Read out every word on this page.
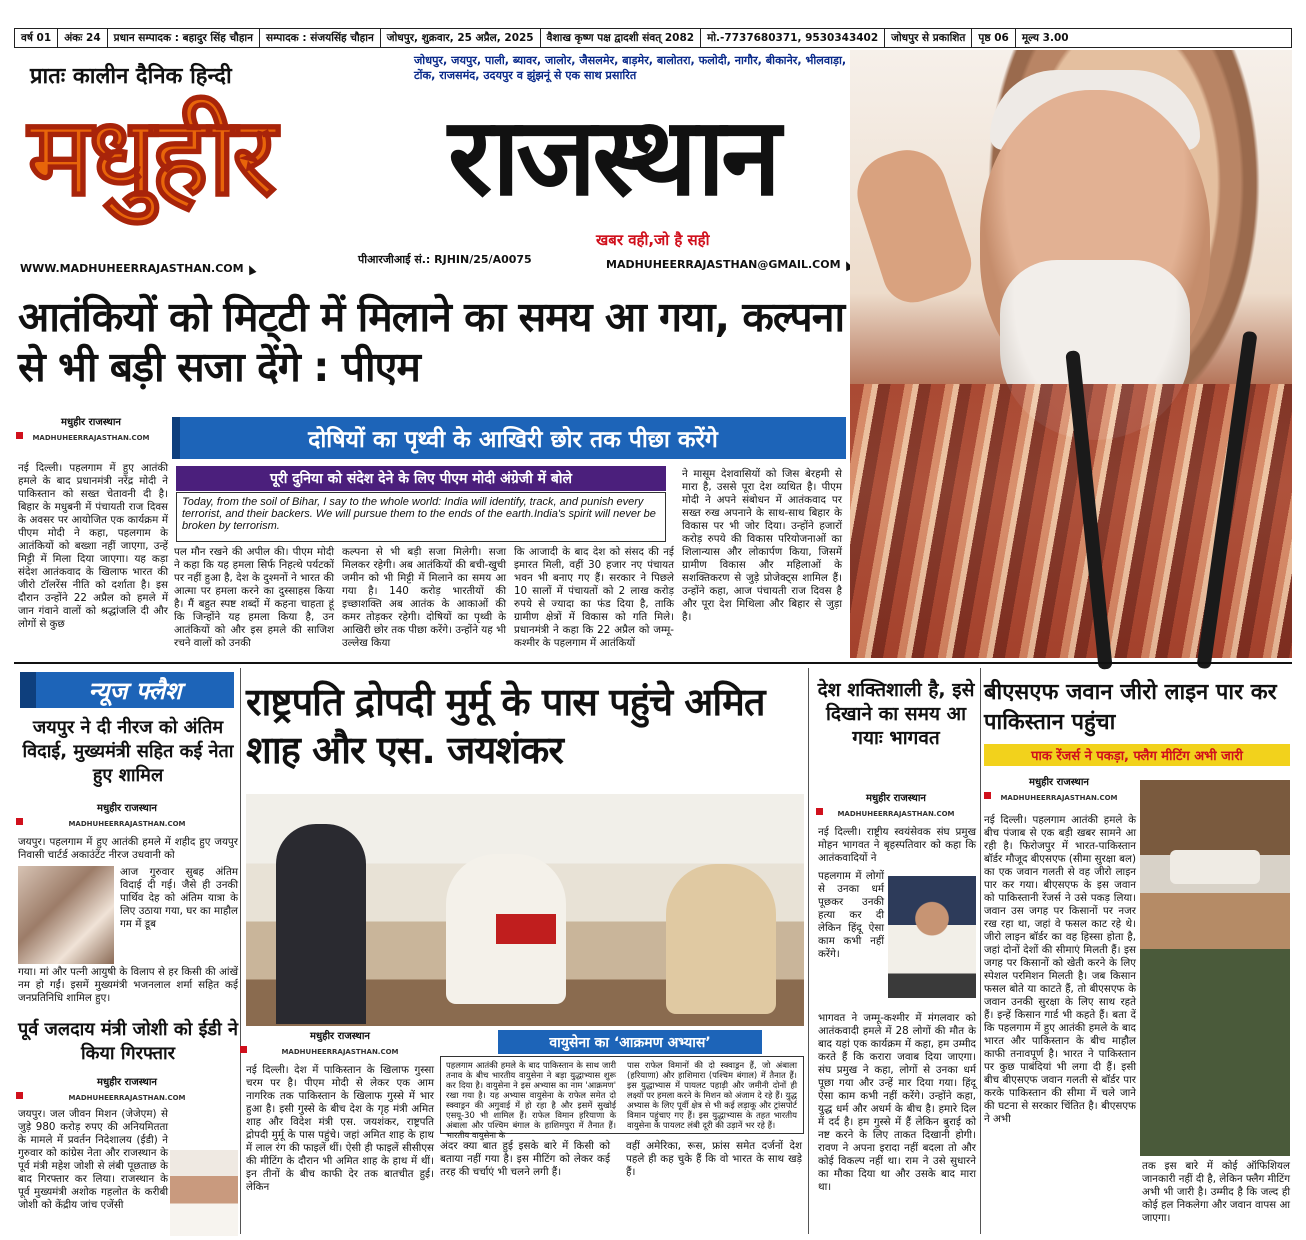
वर्ष 01	अंकः 24	प्रधान सम्पादक : बहादुर सिंह चौहान	सम्पादक : संजयसिंह चौहान	जोधपुर, शुक्रवार, 25 अप्रैल, 2025	वैशाख कृष्ण पक्ष द्वादशी संवत् 2082	मो.-7737680371, 9530343402	जोधपुर से प्रकाशित	पृष्ठ 06	मूल्य 3.00
प्रातः कालीन दैनिक हिन्दी
जोधपुर, जयपुर, पाली, ब्यावर, जालोर, जैसलमेर, बाड़मेर, बालोतरा, फलोदी, नागौर, बीकानेर, भीलवाड़ा, टोंक, राजसमंद, उदयपुर व झुंझनूं से एक साथ प्रसारित
मधुहीर राजस्थान
खबर वही,जो है सही
WWW.MADHUHEERRAJASTHAN.COM
पीआरजीआई सं.: RJHIN/25/A0075	MADHUHEERRAJASTHAN@GMAIL.COM
आतंकियों को मिट्‌टी में मिलाने का समय आ गया, कल्पना से भी बड़ी सजा देंगे : पीएम
मधुहीर राजस्थान
MADHUHEERRAJASTHAN.COM	दोषियों का पृथ्वी के आखिरी छोर तक पीछा करेंगे
पूरी दुनिया को संदेश देने के लिए पीएम मोदी अंग्रेजी में बोले
Today, from the soil of Bihar, I say to the whole world: India will identify, track, and punish every terrorist, and their backers. We will pursue them to the ends of the earth.India's spirit will never be broken by terrorism.
नई दिल्ली। पहलगाम में हुए आतंकी हमले के बाद प्रधानमंत्री नरेंद्र मोदी ने पाकिस्तान को सख्त चेतावनी दी है। बिहार के मधुबनी में पंचायती राज दिवस के अवसर पर आयोजित एक कार्यक्रम में पीएम मोदी ने कहा, पहलगाम के आतंकियों को बख्शा नहीं जाएगा, उन्हें मिट्टी में मिला दिया जाएगा। यह कड़ा संदेश आतंकवाद के खिलाफ भारत की जीरो टॉलरेंस नीति को दर्शाता है। इस दौरान उन्होंने 22 अप्रैल को हमले में जान गंवाने वालों को श्रद्धांजलि दी और लोगों से कुछ
पल मौन रखने की अपील की। पीएम मोदी ने कहा कि यह हमला सिर्फ निहत्थे पर्यटकों पर नहीं हुआ है, देश के दुश्मनों ने भारत की आत्मा पर हमला करने का दुस्साहस किया है। मैं बहुत स्पष्ट शब्दों में कहना चाहता हूं कि जिन्होंने यह हमला किया है, उन आतंकियों को और इस हमले की साजिश रचने वालों को उनकी
कल्पना से भी बड़ी सजा मिलेगी। सजा मिलकर रहेगी। अब आतंकियों की बची-खुची जमीन को भी मिट्टी में मिलाने का समय आ गया है। 140 करोड़ भारतीयों की इच्छाशक्ति अब आतंक के आकाओं की कमर तोड़कर रहेगी। दोषियों का पृथ्वी के आखिरी छोर तक पीछा करेंगे। उन्होंने यह भी उल्लेख किया
कि आजादी के बाद देश को संसद की नई इमारत मिली, वहीं 30 हजार नए पंचायत भवन भी बनाए गए हैं। सरकार ने पिछले 10 सालों में पंचायतों को 2 लाख करोड़ रुपये से ज्यादा का फंड दिया है, ताकि ग्रामीण क्षेत्रों में विकास को गति मिले। प्रधानमंत्री ने कहा कि 22 अप्रैल को जम्मू-कश्मीर के पहलगाम में आतंकियों
ने मासूम देशवासियों को जिस बेरहमी से मारा है, उससे पूरा देश व्यथित है। पीएम मोदी ने अपने संबोधन में आतंकवाद पर सख्त रुख अपनाने के साथ-साथ बिहार के विकास पर भी जोर दिया। उन्होंने हजारों करोड़ रुपये की विकास परियोजनाओं का शिलान्यास और लोकार्पण किया, जिसमें ग्रामीण विकास और महिलाओं के सशक्तिकरण से जुड़े प्रोजेक्ट्स शामिल हैं। उन्होंने कहा, आज पंचायती राज दिवस है और पूरा देश मिथिला और बिहार से जुड़ा है।
न्यूज फ्लैश
जयपुर ने दी नीरज को अंतिम विदाई, मुख्यमंत्री सहित कई नेता हुए शामिल
मधुहीर राजस्थान
MADHUHEERRAJASTHAN.COM
जयपुर। पहलगाम में हुए आतंकी हमले में शहीद हुए जयपुर निवासी चार्टर्ड अकाउंटेंट नीरज उधवानी को
आज गुरुवार सुबह अंतिम विदाई दी गई। जैसे ही उनकी पार्थिव देह को अंतिम यात्रा के लिए उठाया गया, घर का माहौल गम में डूब
गया। मां और पत्नी आयुषी के विलाप से हर किसी की आंखें नम हो गईं। इसमें मुख्यमंत्री भजनलाल शर्मा सहित कई जनप्रतिनिधि शामिल हुए।
पूर्व जलदाय मंत्री जोशी को ईडी ने किया गिरफ्तार
मधुहीर राजस्थान
MADHUHEERRAJASTHAN.COM
जयपुर। जल जीवन मिशन (जेजेएम) से जुड़े 980 करोड़ रुपए की अनियमितता के मामले में प्रवर्तन निदेशालय (ईडी) ने गुरुवार को कांग्रेस नेता और राजस्थान के पूर्व मंत्री महेश जोशी से लंबी पूछताछ के बाद गिरफ्तार कर लिया। राजस्थान के पूर्व मुख्यमंत्री अशोक गहलोत के करीबी जोशी को केंद्रीय जांच एजेंसी
राष्ट्रपति द्रोपदी मुर्मू के पास पहुंचे अमित शाह और एस. जयशंकर
मधुहीर राजस्थान
MADHUHEERRAJASTHAN.COM
नई दिल्ली। देश में पाकिस्तान के खिलाफ गुस्सा चरम पर है। पीएम मोदी से लेकर एक आम नागरिक तक पाकिस्तान के खिलाफ गुस्से में भार हुआ है। इसी गुस्से के बीच देश के गृह मंत्री अमित शाह और विदेश मंत्री एस. जयशंकर, राष्ट्रपति द्रोपदी मुर्मू के पास पहुंचे। जहां अमित शाह के हाथ में लाल रंग की फाइलें थीं। ऐसी ही फाइलें सीसीएस की मीटिंग के दौरान भी अमित शाह के हाथ में थीं। इन तीनों के बीच काफी देर तक बातचीत हुई। लेकिन
वायुसेना का ‘आक्रमण अभ्यास’
पहलगाम आतंकी हमले के बाद पाकिस्तान के साथ जारी तनाव के बीच भारतीय वायुसेना ने बड़ा युद्धाभ्यास शुरू कर दिया है। वायुसेना ने इस अभ्यास का नाम 'आक्रमण' रखा गया है। यह अभ्यास वायुसेना के राफेल समेत दो स्क्वाड्रन की अगुवाई में हो रहा है और इसमें सुखोई एसयू-30 भी शामिल हैं। राफेल विमान हरियाणा के अंबाला और पश्चिम बंगाल के हाशिमपुरा में तैनात हैं। भारतीय वायुसेना के
पास राफेल विमानों की दो स्क्वाड्रन हैं, जो अंबाला (हरियाणा) और हाशिमारा (पश्चिम बंगाल) में तैनात हैं। इस युद्धाभ्यास में पायलट पहाड़ी और जमीनी दोनों ही लक्ष्यों पर हमला करने के मिशन को अंजाम दे रहे हैं। युद्ध अभ्यास के लिए पूर्वी क्षेत्र से भी कई लड़ाकू और ट्रांसपोर्ट विमान पहुंचाए गए हैं। इस युद्धाभ्यास के तहत भारतीय वायुसेना के पायलट लंबी दूरी की उड़ानें भर रहे हैं।
अंदर क्या बात हुई इसके बारे में किसी को बताया नहीं गया है। इस मीटिंग को लेकर कई तरह की चर्चाएं भी चलने लगी हैं।
वहीं अमेरिका, रूस, फ्रांस समेत दर्जनों देश पहले ही कह चुके हैं कि वो भारत के साथ खड़े हैं।
देश शक्तिशाली है, इसे दिखाने का समय आ गयाः भागवत
मधुहीर राजस्थान
MADHUHEERRAJASTHAN.COM
नई दिल्ली। राष्ट्रीय स्वयंसेवक संघ प्रमुख मोहन भागवत ने बृहस्पतिवार को कहा कि आतंकवादियों ने
पहलगाम में लोगों से उनका धर्म पूछकर उनकी हत्या कर दी लेकिन हिंदू ऐसा काम कभी नहीं करेंगे।
भागवत ने जम्मू-कश्मीर में मंगलवार को आतंकवादी हमले में 28 लोगों की मौत के बाद यहां एक कार्यक्रम में कहा, हम उम्मीद करते हैं कि करारा जवाब दिया जाएगा। संघ प्रमुख ने कहा, लोगों से उनका धर्म पूछा गया और उन्हें मार दिया गया। हिंदू ऐसा काम कभी नहीं करेंगे। उन्होंने कहा, युद्ध धर्म और अधर्म के बीच है। हमारे दिल में दर्द है। हम गुस्से में हैं लेकिन बुराई को नष्ट करने के लिए ताकत दिखानी होगी। रावण ने अपना इरादा नहीं बदला तो और कोई विकल्प नहीं था। राम ने उसे सुधारने का मौका दिया था और उसके बाद मारा था।
बीएसएफ जवान जीरो लाइन पार कर पाकिस्तान पहुंचा
पाक रेंजर्स ने पकड़ा, फ्लैग मीटिंग अभी जारी
मधुहीर राजस्थान
MADHUHEERRAJASTHAN.COM
नई दिल्ली। पहलगाम आतंकी हमले के बीच पंजाब से एक बड़ी खबर सामने आ रही है। फिरोजपुर में भारत-पाकिस्तान बॉर्डर मौजूद बीएसएफ (सीमा सुरक्षा बल) का एक जवान गलती से वह जीरो लाइन पार कर गया। बीएसएफ के इस जवान को पाकिस्तानी रेंजर्स ने उसे पकड़ लिया। जवान उस जगह पर किसानों पर नजर रख रहा था, जहां वे फसल काट रहे थे। जीरो लाइन बॉर्डर का वह हिस्सा होता है, जहां दोनों देशों की सीमाएं मिलती हैं। इस जगह पर किसानों को खेती करने के लिए स्पेशल परमिशन मिलती है। जब किसान फसल बोते या काटते हैं, तो बीएसएफ के जवान उनकी सुरक्षा के लिए साथ रहते हैं। इन्हें किसान गार्ड भी कहते हैं। बता दें कि पहलगाम में हुए आतंकी हमले के बाद भारत और पाकिस्तान के बीच माहौल काफी तनावपूर्ण है। भारत ने पाकिस्तान पर कुछ पाबंदियां भी लगा दी हैं। इसी बीच बीएसएफ जवान गलती से बॉर्डर पार करके पाकिस्तान की सीमा में चले जाने की घटना से सरकार चिंतित है। बीएसएफ ने अभी
तक इस बारे में कोई ऑफिशियल जानकारी नहीं दी है, लेकिन फ्लैग मीटिंग अभी भी जारी है। उम्मीद है कि जल्द ही कोई हल निकलेगा और जवान वापस आ जाएगा।
